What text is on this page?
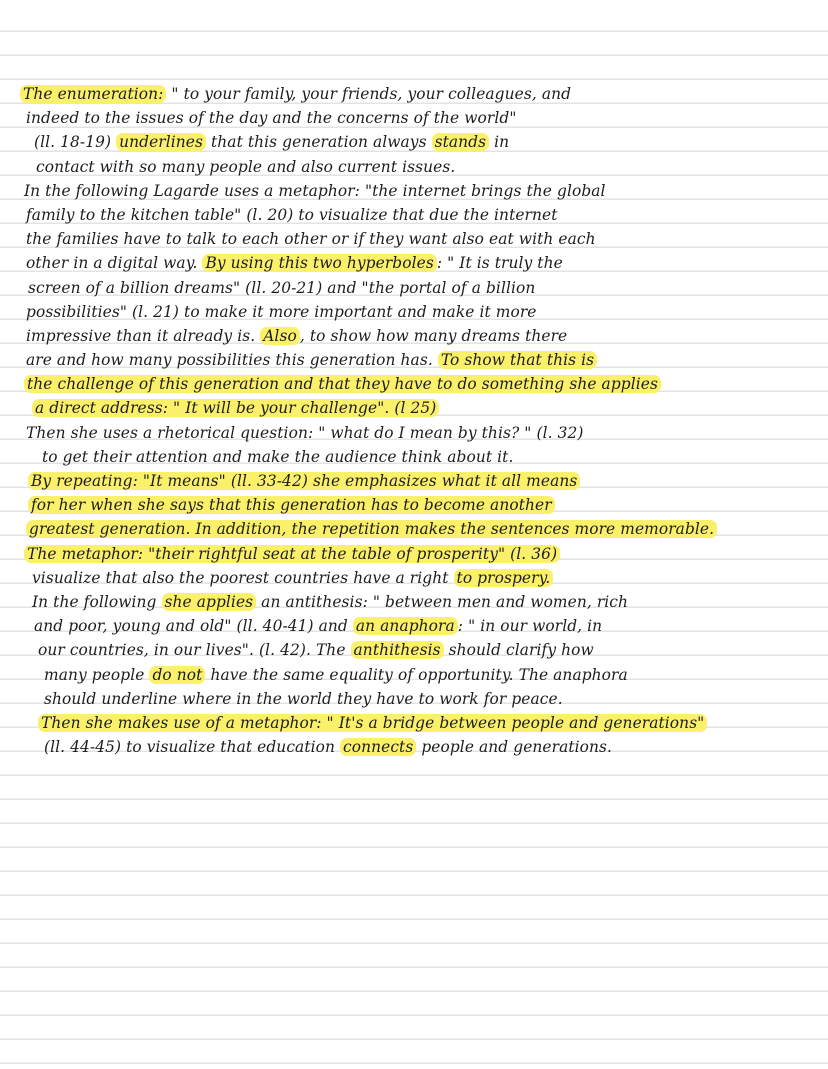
The enumeration: " to your family, your friends, your colleagues, and
indeed to the issues of the day and the concerns of the world"
(ll. 18-19) underlines that this generation always stands in
contact with so many people and also current issues.
In the following Lagarde uses a metaphor: "the internet brings the global
family to the kitchen table" (l. 20) to visualize that due the internet
the families have to talk to each other or if they want also eat with each
other in a digital way. By using this two hyperboles : " It is truly the
screen of a billion dreams" (ll. 20-21) and "the portal of a billion
possibilities" (l. 21) to make it more important and make it more
impressive than it already is. Also , to show how many dreams there
are and how many possibilities this generation has. To show that this is
the challenge of this generation and that they have to do something she applies
a direct address: " It will be your challenge". (l 25)
Then she uses a rhetorical question: " what do I mean by this? " (l. 32)
to get their attention and make the audience think about it.
By repeating: "It means" (ll. 33-42) she emphasizes what it all means
for her when she says that this generation has to become another
greatest generation. In addition, the repetition makes the sentences more memorable.
The metaphor: "their rightful seat at the table of prosperity" (l. 36)
visualize that also the poorest countries have a right to prospery.
In the following she applies an antithesis: " between men and women, rich
and poor, young and old" (ll. 40-41) and an anaphora : " in our world, in
our countries, in our lives". (l. 42). The anthithesis should clarify how
many people do not have the same equality of opportunity. The anaphora
should underline where in the world they have to work for peace.
Then she makes use of a metaphor: " It's a bridge between people and generations"
(ll. 44-45) to visualize that education connects people and generations.
